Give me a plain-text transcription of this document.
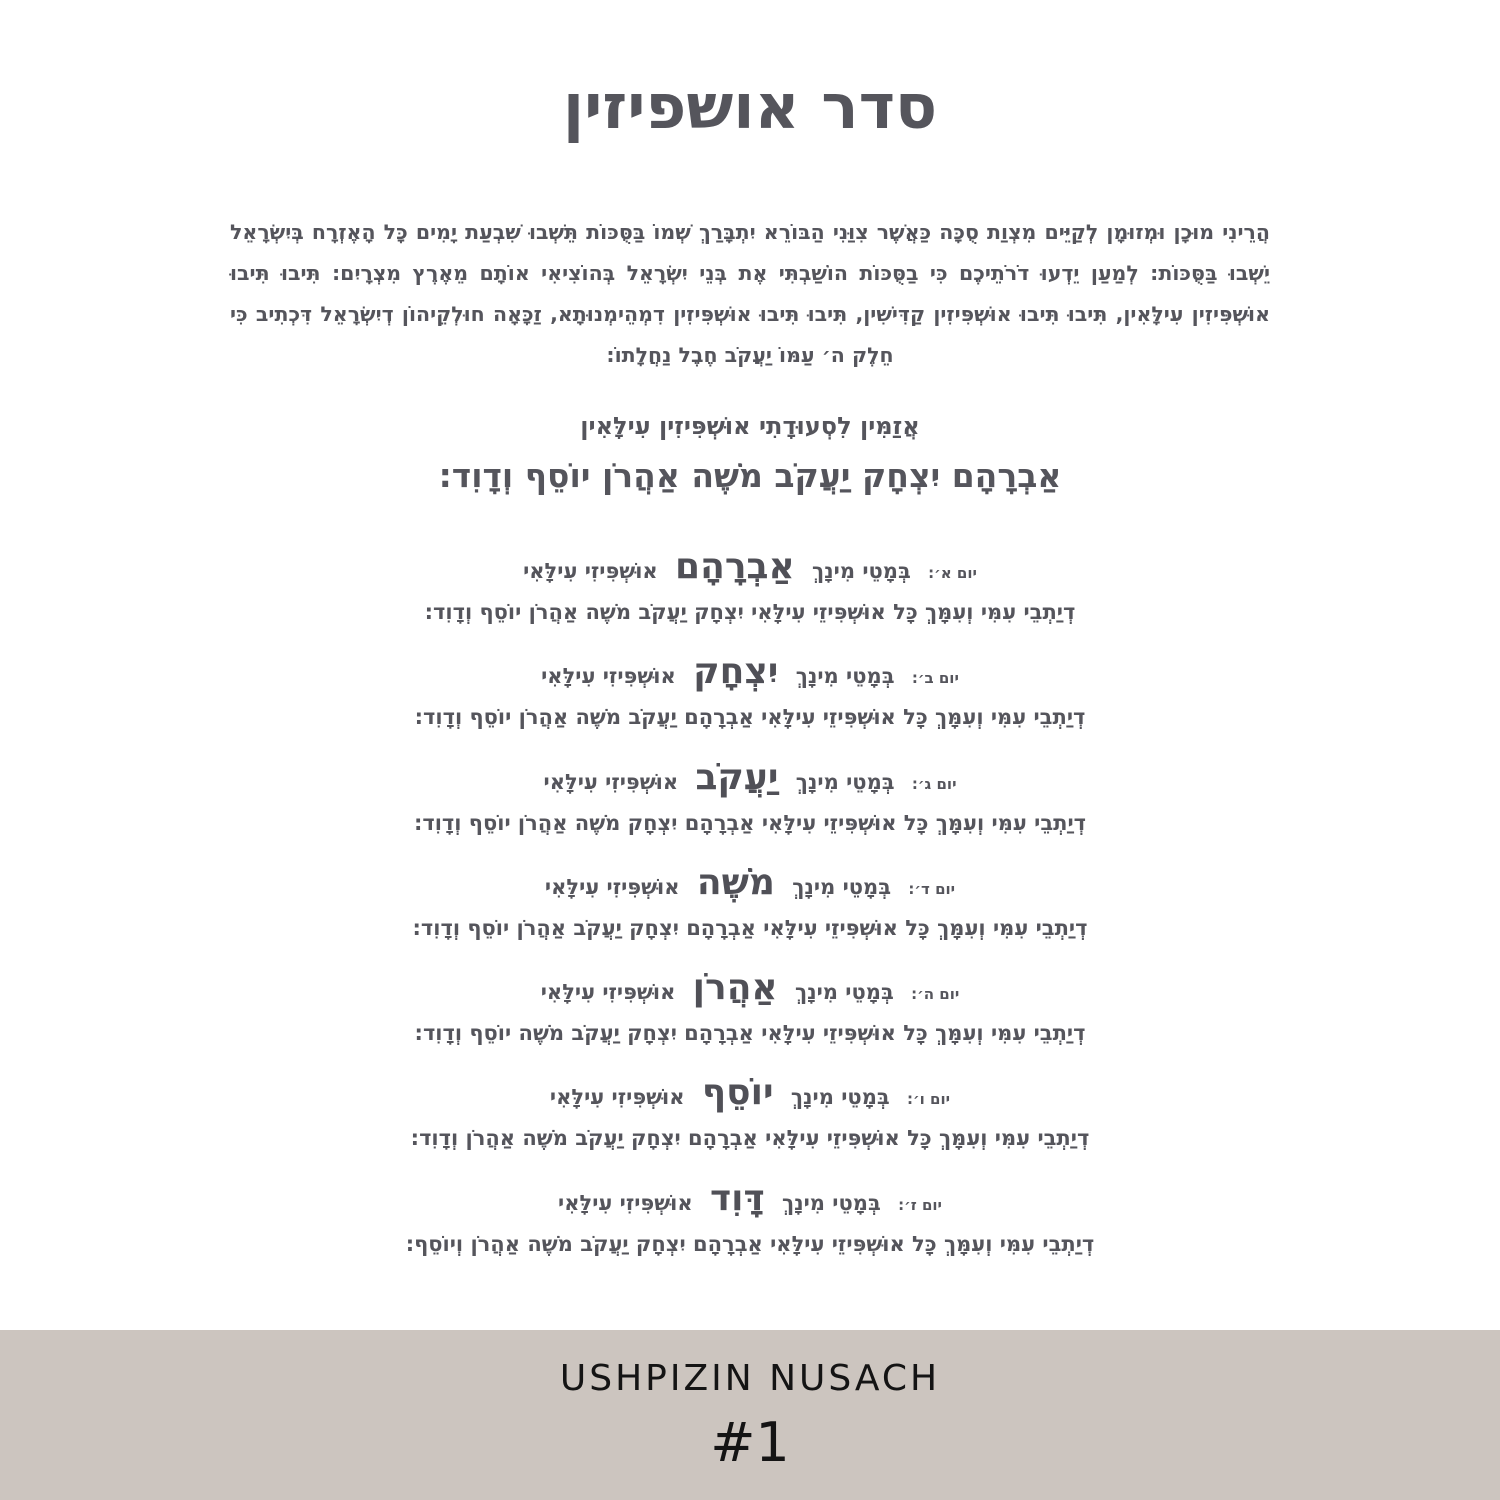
סדר אושפיזין
הֲרֵינִי מוּכָן וּמְזוּמָן לְקַיֵּים מִצְוַת סֻכָּה כַּאֲשֶׁר צִוַּנִי הַבּוֹרֵא יִתְבָּרַךְ שְׁמוֹ בַּסֻּכּוֹת תֵּשְׁבוּ שִׁבְעַת יָמִים כָּל הָאֶזְרָח בְּיִשְׂרָאֵל יֵשְׁבוּ בַּסֻּכּוֹת: לְמַעַן יֵדְעוּ דֹרֹתֵיכֶם כִּי בַסֻּכּוֹת הוֹשַׁבְתִּי אֶת בְּנֵי יִשְׂרָאֵל בְּהוֹצִיאִי אוֹתָם מֵאֶרֶץ מִצְרָיִם: תִּיבוּ תִּיבוּ אוּשְׁפִּיזִין עִילָּאִין, תִּיבוּ תִּיבוּ אוּשְׁפִּיזִין קַדִּישִׁין, תִּיבוּ תִּיבוּ אוּשְׁפִּיזִין דִמְהֵימְנוּתָא, זַכָּאָה חוּלְקֵיהוֹן דְיִשְׂרָאֵל דִּכְתִיב כִּי חֵלֶק ה׳ עַמּוֹ יַעֲקֹב חֶבֶל נַחֲלָתוֹ:
אֲזַמִּין לִסְעוּדָתִי אוּשְׁפִּיזִין עִילָּאִין
אַבְרָהָם יִצְחָק יַעֲקֹב מֹשֶׁה אַהֲרֹן יוֹסֵף וְדָוִד:
יום א׳: בְּמָטֵי מִינָךְ אַבְרָהָם אוּשְׁפִּיזִי עִילָּאִי
דְיַתְבֵי עִמִּי וְעִמָּךְ כָּל אוּשְׁפִּיזֵי עִילָּאִי יִצְחָק יַעֲקֹב מֹשֶׁה אַהֲרֹן יוֹסֵף וְדָוִד:
יום ב׳: בְּמָטֵי מִינָךְ יִצְחָק אוּשְׁפִּיזִי עִילָּאִי
דְיַתְבֵי עִמִּי וְעִמָּךְ כָּל אוּשְׁפִּיזֵי עִילָּאִי אַבְרָהָם יַעֲקֹב מֹשֶׁה אַהֲרֹן יוֹסֵף וְדָוִד:
יום ג׳: בְּמָטֵי מִינָךְ יַעֲקֹב אוּשְׁפִּיזִי עִילָּאִי
דְיַתְבֵי עִמִּי וְעִמָּךְ כָּל אוּשְׁפִּיזֵי עִילָּאִי אַבְרָהָם יִצְחָק מֹשֶׁה אַהֲרֹן יוֹסֵף וְדָוִד:
יום ד׳: בְּמָטֵי מִינָךְ מֹשֶׁה אוּשְׁפִּיזִי עִילָּאִי
דְיַתְבֵי עִמִּי וְעִמָּךְ כָּל אוּשְׁפִּיזֵי עִילָּאִי אַבְרָהָם יִצְחָק יַעֲקֹב אַהֲרֹן יוֹסֵף וְדָוִד:
יום ה׳: בְּמָטֵי מִינָךְ אַהֲרֹן אוּשְׁפִּיזִי עִילָּאִי
דְיַתְבֵי עִמִּי וְעִמָּךְ כָּל אוּשְׁפִּיזֵי עִילָּאִי אַבְרָהָם יִצְחָק יַעֲקֹב מֹשֶׁה יוֹסֵף וְדָוִד:
יום ו׳: בְּמָטֵי מִינָךְ יוֹסֵף אוּשְׁפִּיזִי עִילָּאִי
דְיַתְבֵי עִמִּי וְעִמָּךְ כָּל אוּשְׁפִּיזֵי עִילָּאִי אַבְרָהָם יִצְחָק יַעֲקֹב מֹשֶׁה אַהֲרֹן וְדָוִד:
יום ז׳: בְּמָטֵי מִינָךְ דָּוִד אוּשְׁפִּיזִי עִילָּאִי
דְיַתְבֵי עִמִּי וְעִמָּךְ כָּל אוּשְׁפִּיזֵי עִילָּאִי אַבְרָהָם יִצְחָק יַעֲקֹב מֹשֶׁה אַהֲרֹן וְיוֹסֵף:
USHPIZIN NUSACH
#1
